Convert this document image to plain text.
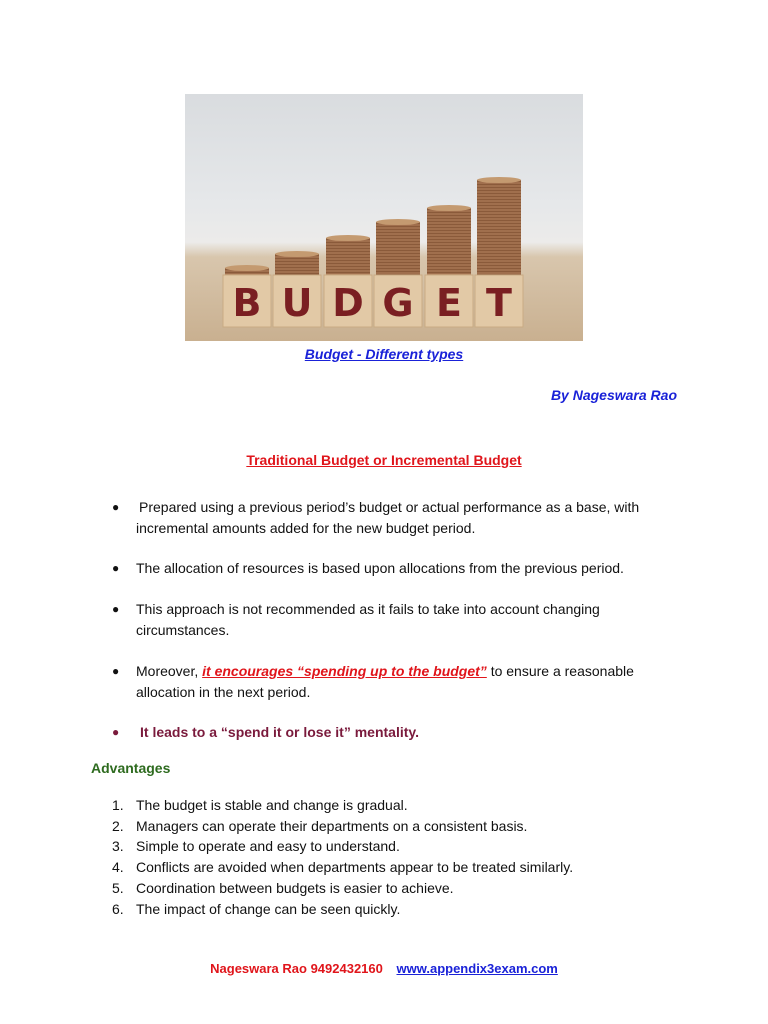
B U D G E T
Budget - Different types
By Nageswara Rao
Traditional Budget or Incremental Budget
● Prepared using a previous period’s budget or actual performance as a base, with incremental amounts added for the new budget period.
● The allocation of resources is based upon allocations from the previous period.
● This approach is not recommended as it fails to take into account changing circumstances.
● Moreover, it encourages “spending up to the budget” to ensure a reasonable allocation in the next period.
● It leads to a “spend it or lose it” mentality.
Advantages
1. The budget is stable and change is gradual.
2. Managers can operate their departments on a consistent basis.
3. Simple to operate and easy to understand.
4. Conflicts are avoided when departments appear to be treated similarly.
5. Coordination between budgets is easier to achieve.
6. The impact of change can be seen quickly.
Nageswara Rao 9492432160 www.appendix3exam.com
